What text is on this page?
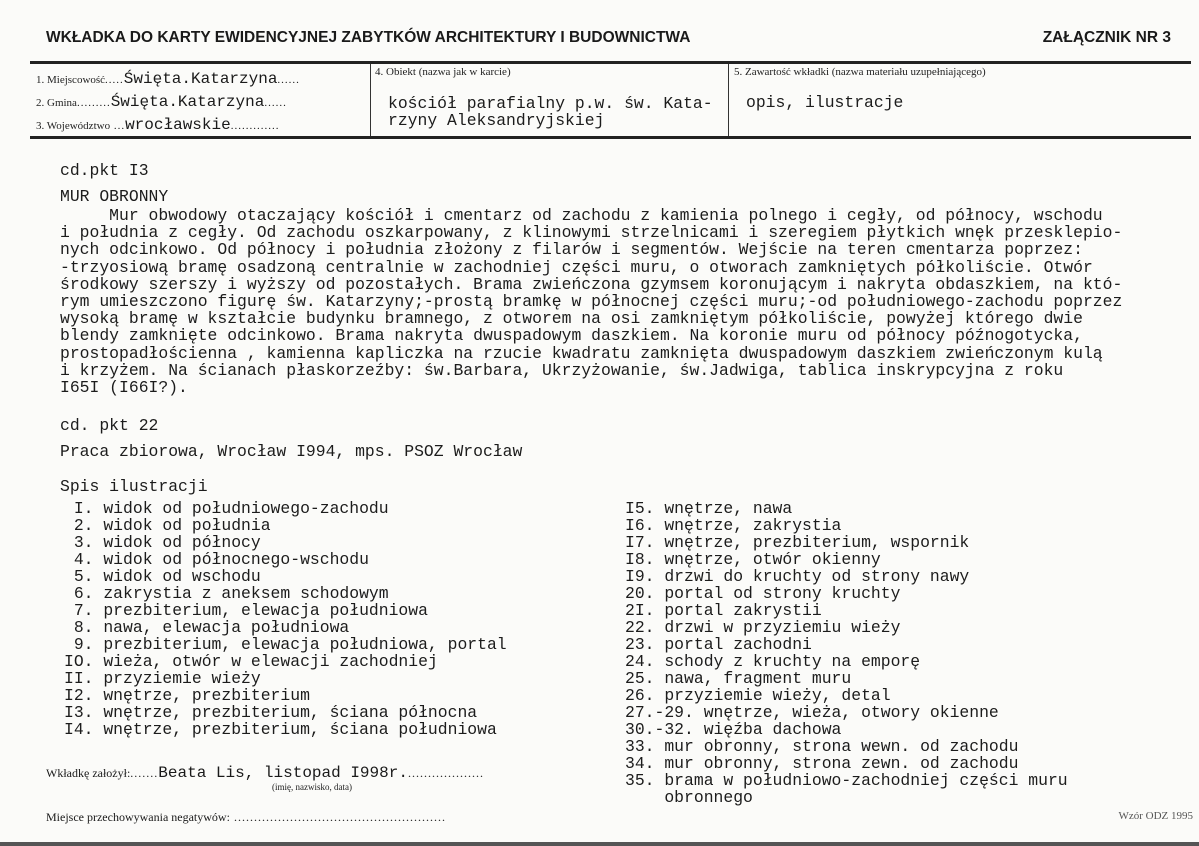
WKŁADKA DO KARTY EWIDENCYJNEJ ZABYTKÓW ARCHITEKTURY I BUDOWNICTWA	ZAŁĄCZNIK NR 3
1. Miejscowość.....Święta.Katarzyna......
2. Gmina.........Święta.Katarzyna......
3. Województwo ...wrocławskie.............
4. Obiekt (nazwa jak w karcie)
kościół parafialny p.w. św. Kata-
rzyny Aleksandryjskiej
5. Zawartość wkładki (nazwa materiału uzupełniającego)
opis, ilustracje
cd.pkt I3
MUR OBRONNY
Mur obwodowy otaczający kościół i cmentarz od zachodu z kamienia polnego i cegły, od północy, wschodu
i południa z cegły. Od zachodu oszkarpowany, z klinowymi strzelnicami i szeregiem płytkich wnęk przesklepio-
nych odcinkowo. Od północy i południa złożony z filarów i segmentów. Wejście na teren cmentarza poprzez:
-trzyosiową bramę osadzoną centralnie w zachodniej części muru, o otworach zamkniętych półkoliście. Otwór
środkowy szerszy i wyższy od pozostałych. Brama zwieńczona gzymsem koronującym i nakryta obdaszkiem, na któ-
rym umieszczono figurę św. Katarzyny;-prostą bramkę w północnej części muru;-od południowego-zachodu poprzez
wysoką bramę w kształcie budynku bramnego, z otworem na osi zamkniętym półkoliście, powyżej którego dwie
blendy zamknięte odcinkowo. Brama nakryta dwuspadowym daszkiem. Na koronie muru od północy późnogotycka,
prostopadłościenna , kamienna kapliczka na rzucie kwadratu zamknięta dwuspadowym daszkiem zwieńczonym kulą
i krzyżem. Na ścianach płaskorzeźby: św.Barbara, Ukrzyżowanie, św.Jadwiga, tablica inskrypcyjna z roku
I65I (I66I?).
cd. pkt 22
Praca zbiorowa, Wrocław I994, mps. PSOZ Wrocław
Spis ilustracji
I. widok od południowego-zachodu
2. widok od południa
3. widok od północy
4. widok od północnego-wschodu
5. widok od wschodu
6. zakrystia z aneksem schodowym
7. prezbiterium, elewacja południowa
8. nawa, elewacja południowa
9. prezbiterium, elewacja południowa, portal
IO. wieża, otwór w elewacji zachodniej
II. przyziemie wieży
I2. wnętrze, prezbiterium
I3. wnętrze, prezbiterium, ściana północna
I4. wnętrze, prezbiterium, ściana południowa
I5. wnętrze, nawa
I6. wnętrze, zakrystia
I7. wnętrze, prezbiterium, wspornik
I8. wnętrze, otwór okienny
I9. drzwi do kruchty od strony nawy
20. portal od strony kruchty
2I. portal zakrystii
22. drzwi w przyziemiu wieży
23. portal zachodni
24. schody z kruchty na emporę
25. nawa, fragment muru
26. przyziemie wieży, detal
27.-29. wnętrze, wieża, otwory okienne
30.-32. więźba dachowa
33. mur obronny, strona wewn. od zachodu
34. mur obronny, strona zewn. od zachodu
35. brama w południowo-zachodniej części muru
obronnego
Wkładkę założył:.......Beata Lis, listopad I998r....................
(imię, nazwisko, data)
Miejsce przechowywania negatywów: .....................................................	Wzór ODZ 1995
